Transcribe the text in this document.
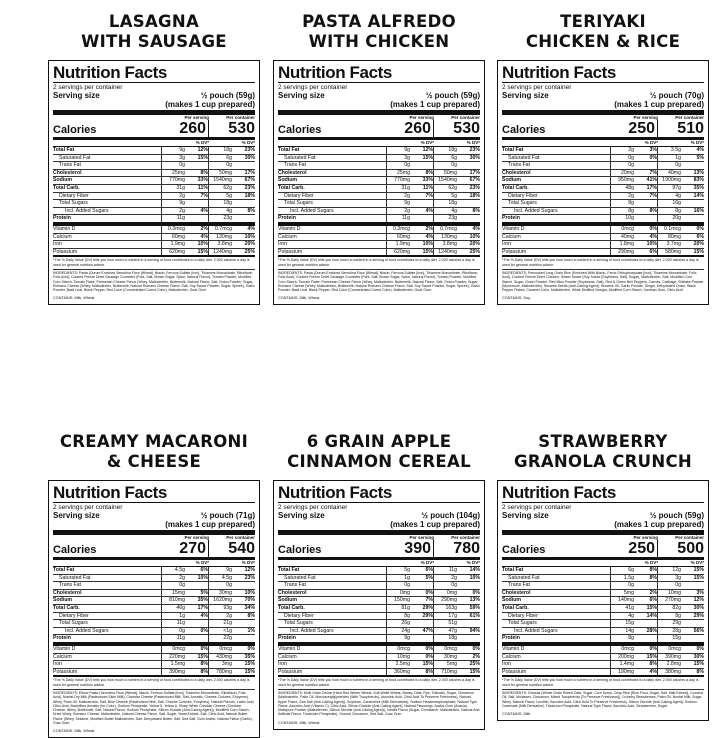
LASAGNA
WITH SAUSAGE
Nutrition Facts
2 servings per container
Serving size	½ pouch (59g)
(makes 1 cup prepared)
Per serving	Per container
Calories	260	530
% DV*	% DV*
Total Fat	9g	12%	18g	23%
Saturated Fat	3g	15%	6g	30%
Trans Fat	0g	0g
Cholesterol	25mg	8%	50mg	17%
Sodium	770mg	33%	1540mg	67%
Total Carb.	31g	11%	62g	23%
Dietary Fiber	2g	7%	5g	18%
Total Sugars	9g	18g
Incl. Added Sugars	2g	4%	4g	8%
Protein	11g	23g
Vitamin D	0.3mcg	2%	0.7mcg	4%
Calcium	60mg	4%	130mg	10%
Iron	1.9mg	10%	3.8mg	20%
Potassium	620mg	15%	1240mg	25%
*The % Daily Value (DV) tells you how much a nutrient in a serving of food contributes to a daily diet. 2,000 calories a day is used for general nutrition advice.
INGREDIENTS: Pasta (Durum Enriched Semolina Flour [Wheat], Niacin, Ferrous Sulfate [Iron], Thiamine Mononitrate, Riboflavin, Folic Acid), Cooked Freeze Dried Sausage Crumbles (Pork, Salt, Brown Sugar, Spice, Natural Flavor), Tomato Powder, Modified Corn Starch, Tomato Flake, Parmesan Cheese Flavor (Whey, Maltodextrin, Buttermilk, Natural Flavor, Salt, Onion Powder, Sugar, Romano Cheese (Whey, Maltodextrin, Buttermilk, Natural Romano Cheese Flavor, Salt, Soy Sauce Powder, Sugar, Spices), Garlic Powder, Basil Leaf, Black Pepper, Red Color (Concentrated Carrot Color), Maltodextrin, Guar Gum.
CONTAINS: Milk, Wheat.
PASTA ALFREDO
WITH CHICKEN
Nutrition Facts
2 servings per container
Serving size	½ pouch (59g)
(makes 1 cup prepared)
Per serving	Per container
Calories	260	530
% DV*	% DV*
Total Fat	9g	12%	18g	23%
Saturated Fat	3g	15%	6g	30%
Trans Fat	0g	0g
Cholesterol	25mg	8%	50mg	17%
Sodium	770mg	33%	1540mg	67%
Total Carb.	31g	11%	62g	23%
Dietary Fiber	2g	7%	5g	18%
Total Sugars	9g	18g
Incl. Added Sugars	2g	4%	4g	8%
Protein	11g	23g
Vitamin D	0.3mcg	2%	0.7mcg	4%
Calcium	60mg	4%	130mg	10%
Iron	1.9mg	10%	3.8mg	20%
Potassium	620mg	15%	1240mg	25%
*The % Daily Value (DV) tells you how much a nutrient in a serving of food contributes to a daily diet. 2,000 calories a day is used for general nutrition advice.
INGREDIENTS: Pasta (Durum Enriched Semolina Flour [Wheat], Niacin, Ferrous Sulfate [Iron], Thiamine Mononitrate, Riboflavin, Folic Acid), Cooked Freeze Dried Sausage Crumbles (Pork, Salt, Brown Sugar, Spice, Natural Flavor), Tomato Powder, Modified Corn Starch, Tomato Flake, Parmesan Cheese Flavor (Whey, Maltodextrin, Buttermilk, Natural Flavor, Salt, Onion Powder, Sugar, Romano Cheese (Whey, Maltodextrin, Buttermilk, Natural Romano Cheese Flavor, Salt, Soy Sauce Powder, Sugar, Spices), Garlic Powder, Basil Leaf, Black Pepper, Red Color (Concentrated Carrot Color), Maltodextrin, Guar Gum.
CONTAINS: Milk, Wheat.
TERIYAKI
CHICKEN & RICE
Nutrition Facts
2 servings per container
Serving size	½ pouch (70g)
(makes 1 cup prepared)
Per serving	Per container
Calories	250	510
% DV*	% DV*
Total Fat	2g	3%	3.5g	4%
Saturated Fat	0g	0%	1g	5%
Trans Fat	0g	0g
Cholesterol	20mg	7%	40mg	13%
Sodium	950mg	41%	1900mg	83%
Total Carb.	48g	17%	97g	35%
Dietary Fiber	2g	7%	4g	14%
Total Sugars	8g	16g
Incl. Added Sugars	8g	8%	8g	16%
Protein	10g	20g
Vitamin D	0mcg	0%	0.1mcg	0%
Calcium	40mg	4%	80mg	6%
Iron	1.8mg	10%	3.7mg	20%
Potassium	290mg	6%	580mg	15%
*The % Daily Value (DV) tells you how much a nutrient in a serving of food contributes to a daily diet. 2,000 calories a day is used for general nutrition advice.
INGREDIENTS: Precooked Long Grain Rice (Enriched With Niacin, Ferric Orthophosphate [Iron], Thiamine Mononitrate, Folic Acid), Cooked Freeze Dried Chicken, Sweet Sauce (Soy Sauce [Soybeans, Salt], Sugar), Maltodextrin, Salt, Modified Corn Starch, Sugar, Onion Powder, Red Miso Powder (Soybeans, Salt), Red & Green Bell Peppers, Carrots, Cabbage, Shiitake Powder (Mushroom, Maltodextrin), Sesame Seeds (Anti-Caking Agent), Sesame Oil, Garlic Powder, Ginger, Dehydrated Onion, Black Pepper Flakes, Caramel Color, Maltodextrin, White Distilled Vinegar, Modified Corn Starch, Xanthan Gum, Citric Acid.
CONTAINS: Soy.
CREAMY MACARONI
& CHEESE
Nutrition Facts
2 servings per container
Serving size	½ pouch (71g)
(makes 1 cup prepared)
Per serving	Per container
Calories	270	540
% DV*	% DV*
Total Fat	4.5g	6%	9g	12%
Saturated Fat	2g	10%	4.5g	23%
Trans Fat	0g	0g
Cholesterol	15mg	5%	30mg	10%
Sodium	810mg	35%	1620mg	70%
Total Carb.	46g	17%	93g	34%
Dietary Fiber	1g	4%	2g	8%
Total Sugars	11g	21g
Incl. Added Sugars	0g	0%	<1g	1%
Protein	11g	22g
Vitamin D	0mcg	0%	0mcg	0%
Calcium	220mg	15%	430mg	35%
Iron	1.5mg	8%	3mg	15%
Potassium	390mg	8%	780mg	15%
*The % Daily Value (DV) tells you how much a nutrient in a serving of food contributes to a daily diet. 2,000 calories a day is used for general nutrition advice.
INGREDIENTS: Elbow Pasta (Semolina Flour [Wheat], Niacin, Ferrous Sulfate [Iron], Thiamine Mononitrate, Riboflavin, Folic Acid), Nonfat Dry Milk (Pasteurized Skim Milk), Cheddar Cheese (Pasteurized Milk, Salt, Annatto, Cheese Cultures, Enzymes), Whey, Palm Oil, Maltodextrin, Salt, Blue Cheese (Pasteurized Milk, Salt, Cheese Cultures, Enzymes), Natural Flavors, Lactic Acid, Citric Acid, Bactofibre Annatto (for Color), Sodium Phosphate, Yellow 5, Yellow 6, Sharp White Cheddar Cheese (Cheddar Cheese, Whey, Buttermilk, Salt, Natural Flavor, Sodium Phosphate, Silicon Dioxide (Anti-Caking Agent)), Modified Corn Starch, Dried Whey, Romano Cheese, Maltodextrin, Natural Cheese Flavor, Salt, Sugar, Yeast Extract, Salt, Citric Acid, Natural Butter Flavor (Whey, Sesame, Modified Butter Maltodextrin, Salt, Dehydrated Butter, Salt, Sea Salt, Gum Arabic, Natural Flavor (Garlic), Guar Gum.
CONTAINS: Milk, Wheat.
6 GRAIN APPLE
CINNAMON CEREAL
Nutrition Facts
2 servings per container
Serving size	½ pouch (104g)
(makes 1 cup prepared)
Per serving	Per container
Calories	390	780
% DV*	% DV*
Total Fat	5g	6%	11g	14%
Saturated Fat	1g	5%	2g	10%
Trans Fat	0g	0g
Cholesterol	0mg	0%	0mg	0%
Sodium	150mg	7%	290mg	13%
Total Carb.	81g	29%	163g	59%
Dietary Fiber	8g	29%	17g	61%
Total Sugars	26g	51g
Incl. Added Sugars	24g	47%	47g	94%
Protein	9g	18g
Vitamin D	0mcg	0%	0mcg	0%
Calcium	10mg	0%	30mg	2%
Iron	2.5mg	15%	5mg	25%
Potassium	360mg	8%	710mg	15%
*The % Daily Value (DV) tells you how much a nutrient in a serving of food contributes to a daily diet. 2,000 calories a day is used for general nutrition advice.
INGREDIENTS: Multi Grain Cereal (Hard Red Winter Wheat, Soft White Wheat, Barley, Oats, Rye, Triticale), Sugar, Cinnamon (Maltodextrin, Palm Oil, Monoacetylglycerides (With Tocopherols), Ascorbic Acid, Citric Acid To Preserve Freshness), Natural Apple Flavor, Sea Salt (Anti-Caking Agent)), Soybean, Caramelize (Milk Derivatives), Sodium Hexametaphosphate, Natural Type Flavor, Ascorbic Acid (Vitamin C), Citric Acid, Silicon Dioxide (Anti-Caking Agent), Natural Flavorings, Arabic Gum (Acacia), Maltopure Powder (Maltodextrin, Silicon Dioxide (Anti-Caking Agent)), Vanilla Flavor (Sugar, Cornstarch, Maltodextrin, Natural And Artificial Flavor, Tricalcium Phosphate), Ground Cinnamon, Sea Salt, Guar Gum.
CONTAINS: Milk, Wheat.
STRAWBERRY
GRANOLA CRUNCH
Nutrition Facts
2 servings per container
Serving size	½ pouch (59g)
(makes 1 cup prepared)
Per serving	Per container
Calories	250	500
% DV*	% DV*
Total Fat	6g	8%	12g	15%
Saturated Fat	1.5g	8%	3g	15%
Trans Fat	0g	0g
Cholesterol	5mg	2%	10mg	3%
Sodium	140mg	6%	270mg	12%
Total Carb.	41g	15%	82g	30%
Dietary Fiber	4g	14%	8g	29%
Total Sugars	15g	29g
Incl. Added Sugars	14g	28%	28g	56%
Protein	8g	15g
Vitamin D	0mcg	0%	0mcg	0%
Calcium	200mg	15%	390mg	30%
Iron	1.4mg	8%	2.8mg	15%
Potassium	190mg	4%	380mg	8%
*The % Daily Value (DV) tells you how much a nutrient in a serving of food contributes to a daily diet. 2,000 calories a day is used for general nutrition advice.
INGREDIENTS: Granola (Whole Grain Rolled Oats, Sugar, Corn Syrup, Crisp Rice [Rice Flour, Sugar, Salt, Malt Extract], Coconut Oil, Salt, Molasses, Cinnamon, Mixed Tocopherols [To Preserve Freshness]), Crunchy Strawberries, Palm Oil, Nonfat Milk, Sugar, Whey, Natural Flavor, Lecithin, Ascorbic Acid, Citric Acid To Preserve Freshness), Silicon Dioxide (Anti-Caking Agent), Sodium Caseinate (Milk Derivative), Tricalcium Phosphate, Natural Type Flavor, Ascorbic Acid, Strawberries, Sugar.
CONTAINS: Milk.
